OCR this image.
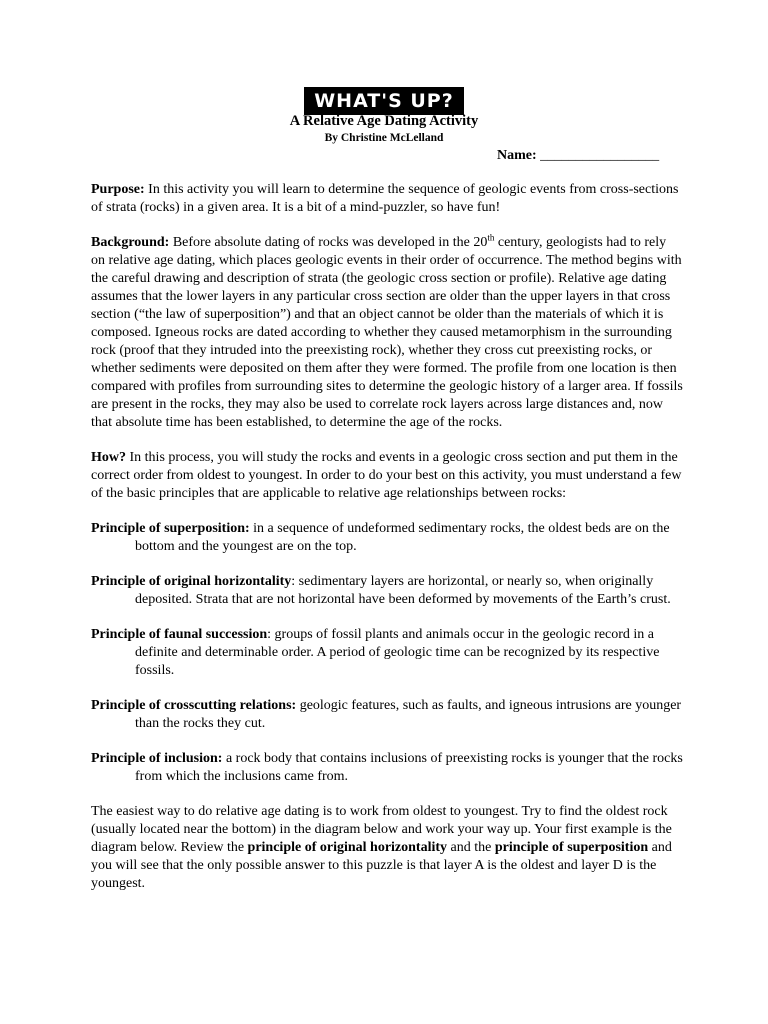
WHAT'S UP?
A Relative Age Dating Activity
By Christine McLelland
Name: _________________

Purpose: In this activity you will learn to determine the sequence of geologic events from cross-sections of strata (rocks) in a given area. It is a bit of a mind-puzzler, so have fun!

Background: Before absolute dating of rocks was developed in the 20th century, geologists had to rely on relative age dating, which places geologic events in their order of occurrence. The method begins with the careful drawing and description of strata (the geologic cross section or profile). Relative age dating assumes that the lower layers in any particular cross section are older than the upper layers in that cross section (“the law of superposition”) and that an object cannot be older than the materials of which it is composed. Igneous rocks are dated according to whether they caused metamorphism in the surrounding rock (proof that they intruded into the preexisting rock), whether they cross cut preexisting rocks, or whether sediments were deposited on them after they were formed. The profile from one location is then compared with profiles from surrounding sites to determine the geologic history of a larger area. If fossils are present in the rocks, they may also be used to correlate rock layers across large distances and, now that absolute time has been established, to determine the age of the rocks.

How? In this process, you will study the rocks and events in a geologic cross section and put them in the correct order from oldest to youngest. In order to do your best on this activity, you must understand a few of the basic principles that are applicable to relative age relationships between rocks:

Principle of superposition: in a sequence of undeformed sedimentary rocks, the oldest beds are on the bottom and the youngest are on the top.

Principle of original horizontality: sedimentary layers are horizontal, or nearly so, when originally deposited. Strata that are not horizontal have been deformed by movements of the Earth’s crust.

Principle of faunal succession: groups of fossil plants and animals occur in the geologic record in a definite and determinable order. A period of geologic time can be recognized by its respective fossils.

Principle of crosscutting relations: geologic features, such as faults, and igneous intrusions are younger than the rocks they cut.

Principle of inclusion: a rock body that contains inclusions of preexisting rocks is younger that the rocks from which the inclusions came from.

The easiest way to do relative age dating is to work from oldest to youngest. Try to find the oldest rock (usually located near the bottom) in the diagram below and work your way up. Your first example is the diagram below. Review the principle of original horizontality and the principle of superposition and you will see that the only possible answer to this puzzle is that layer A is the oldest and layer D is the youngest.
